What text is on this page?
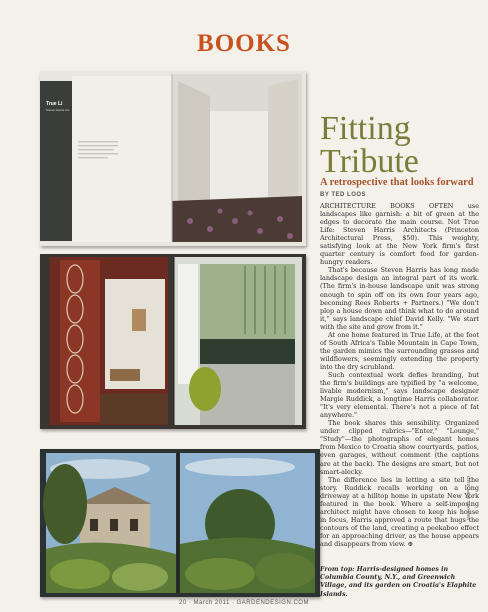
BOOKS
True Li
Steven Harris Arc	Fitting Tribute
A retrospective that looks forward
BY TED LOOS

ARCHITECTURE BOOKS OFTEN use landscapes like garnish: a bit of green at the edges to decorate the main course. Not True Life: Steven Harris Architects (Princeton Architectural Press, $50). This weighty, satisfying look at the New York firm's first quarter century is comfort food for garden-hungry readers.

That's because Steven Harris has long made landscape design an integral part of its work. (The firm's in-house landscape unit was strong enough to spin off on its own four years ago, becoming Rees Roberts + Partners.) "We don't plop a house down and think what to do around it," says landscape chief David Kelly. "We start with the site and grow from it."

At one home featured in True Life, at the foot of South Africa's Table Mountain in Cape Town, the garden mimics the surrounding grasses and wildflowers, seemingly extending the property into the dry scrubland.

Such contextual work defies branding, but the firm's buildings are typified by "a welcome, livable modernism," says landscape designer Margie Ruddick, a longtime Harris collaborator. "It's very elemental. There's not a piece of fat anywhere."

The book shares this sensibility. Organized under clipped rubrics—"Enter," "Lounge," "Study"—the photographs of elegant homes from Mexico to Croatia show courtyards, patios, even garages, without comment (the captions are at the back). The designs are smart, but not smart-alecky.

The difference lies in letting a site tell the story. Ruddick recalls working on a long driveway at a hilltop home in upstate New York featured in the book. Where a self-imposing architect might have chosen to keep his house in focus, Harris approved a route that hugs the contours of the land, creating a peekaboo effect for an approaching driver, as the house appears and disappears from view. ⊕

From top: Harris-designed homes in Columbia County, N.Y., and Greenwich Village, and its garden on Croatia's Elaphite Islands.
MICHAEL ESPOSITO
20 · March 2011 · GARDENDESIGN.COM
